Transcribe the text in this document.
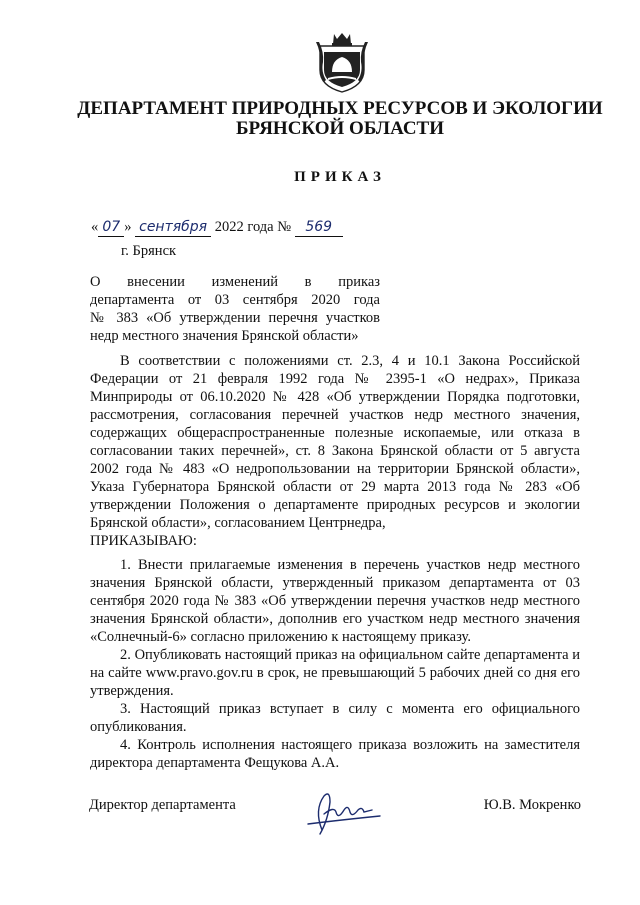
ДЕПАРТАМЕНТ ПРИРОДНЫХ РЕСУРСОВ И ЭКОЛОГИИ
БРЯНСКОЙ ОБЛАСТИ
ПРИКАЗ
« 07 » сентября 2022 года № 569
г. Брянск
О внесении изменений в приказ
департамента от 03 сентября 2020 года
№ 383 «Об утверждении перечня участков
недр местного значения Брянской области»

В соответствии с положениями ст. 2.3, 4 и 10.1 Закона Российской Федерации от 21 февраля 1992 года № 2395-1 «О недрах», Приказа Минприроды от 06.10.2020 № 428 «Об утверждении Порядка подготовки, рассмотрения, согласования перечней участков недр местного значения, содержащих общераспространенные полезные ископаемые, или отказа в согласовании таких перечней», ст. 8 Закона Брянской области от 5 августа 2002 года № 483 «О недропользовании на территории Брянской области», Указа Губернатора Брянской области от 29 марта 2013 года № 283 «Об утверждении Положения о департаменте природных ресурсов и экологии Брянской области», согласованием Центрнедра,

ПРИКАЗЫВАЮ:

1. Внести прилагаемые изменения в перечень участков недр местного значения Брянской области, утвержденный приказом департамента от 03 сентября 2020 года № 383 «Об утверждении перечня участков недр местного значения Брянской области», дополнив его участком недр местного значения «Солнечный-6» согласно приложению к настоящему приказу.

2. Опубликовать настоящий приказ на официальном сайте департамента и на сайте www.pravo.gov.ru в срок, не превышающий 5 рабочих дней со дня его утверждения.

3. Настоящий приказ вступает в силу с момента его официального опубликования.

4. Контроль исполнения настоящего приказа возложить на заместителя директора департамента Фещукова А.А.

Директор департамента	Ю.В. Мокренко
